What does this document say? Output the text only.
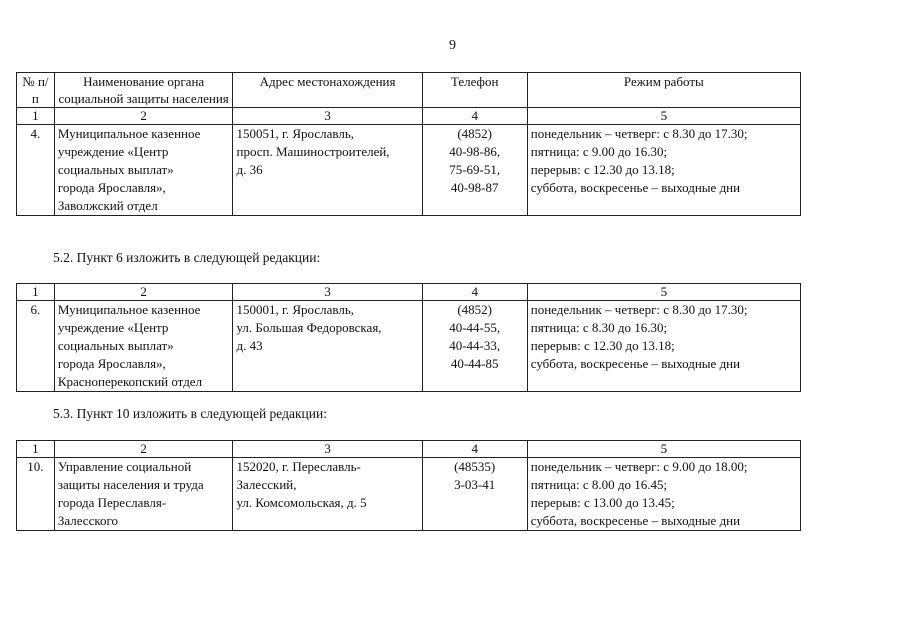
9
№ п/п	Наименование органа социальной защиты населения	Адрес местонахождения	Телефон	Режим работы
1	2	3	4	5
4.	Муниципальное казенное
учреждение «Центр
социальных выплат»
города Ярославля»,
Заволжский отдел	150051, г. Ярославль,
просп. Машиностроителей,
д. 36	(4852)
40-98-86,
75-69-51,
40-98-87	понедельник – четверг: с 8.30 до 17.30;
пятница: с 9.00 до 16.30;
перерыв: с 12.30 до 13.18;
суббота, воскресенье – выходные дни
5.2. Пункт 6 изложить в следующей редакции:
1	2	3	4	5
6.	Муниципальное казенное
учреждение «Центр
социальных выплат»
города Ярославля»,
Красноперекопский отдел	150001, г. Ярославль,
ул. Большая Федоровская,
д. 43	(4852)
40-44-55,
40-44-33,
40-44-85	понедельник – четверг: с 8.30 до 17.30;
пятница: с 8.30 до 16.30;
перерыв: с 12.30 до 13.18;
суббота, воскресенье – выходные дни
5.3. Пункт 10 изложить в следующей редакции:
1	2	3	4	5
10.	Управление социальной
защиты населения и труда
города Переславля-
Залесского	152020, г. Переславль-
Залесский,
ул. Комсомольская, д. 5	(48535)
3-03-41	понедельник – четверг: с 9.00 до 18.00;
пятница: с 8.00 до 16.45;
перерыв: с 13.00 до 13.45;
суббота, воскресенье – выходные дни
